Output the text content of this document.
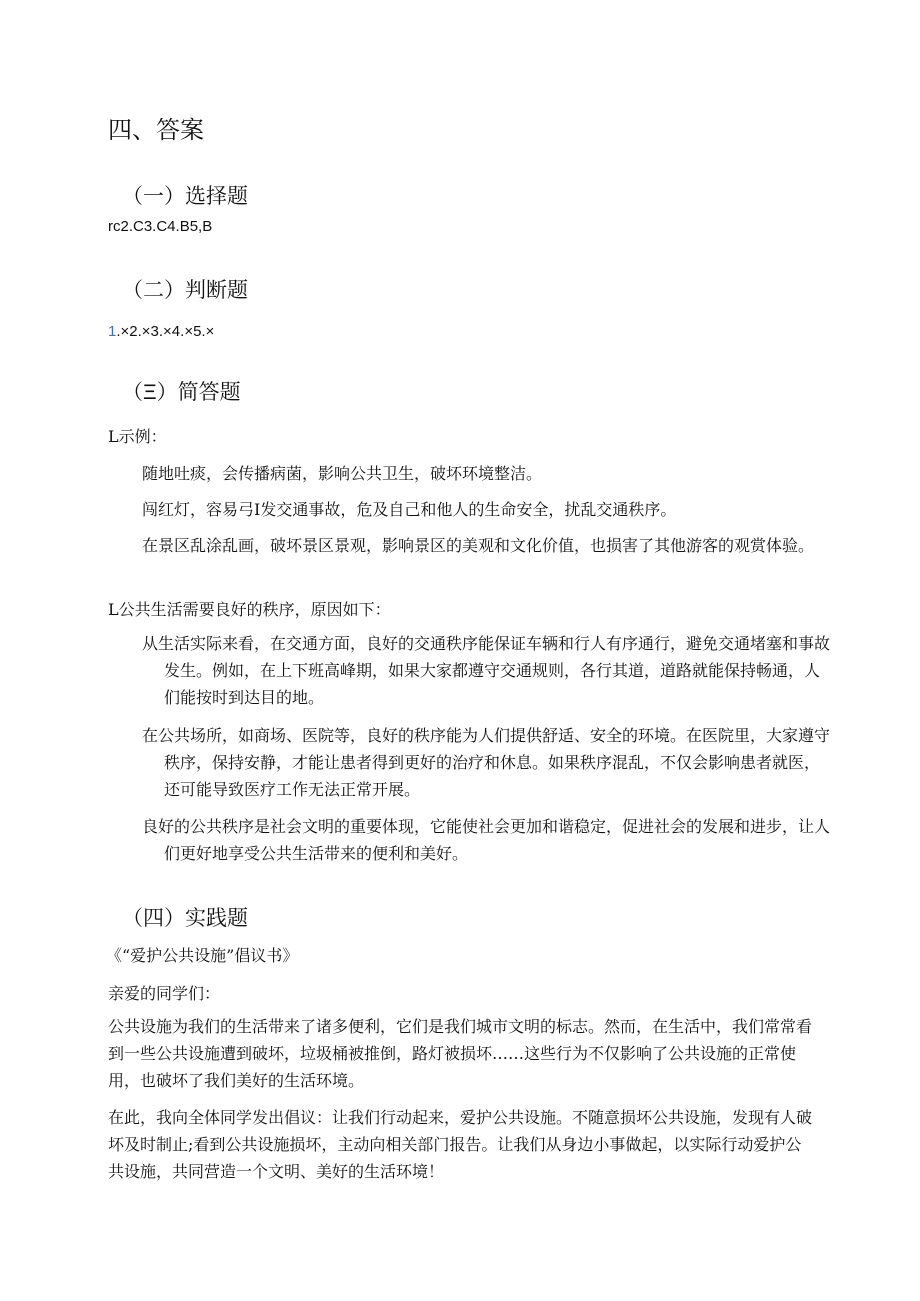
四、答案
（一）选择题
rc2.C3.C4.B5,B
（二）判断题
1.×2.×3.×4.×5.×
（Ξ）简答题
L示例：
随地吐痰，会传播病菌，影响公共卫生，破坏环境整洁。
闯红灯，容易弓I发交通事故，危及自己和他人的生命安全，扰乱交通秩序。
在景区乱涂乱画，破坏景区景观，影响景区的美观和文化价值，也损害了其他游客的观赏体验。
L公共生活需要良好的秩序，原因如下：
从生活实际来看，在交通方面，良好的交通秩序能保证车辆和行人有序通行，避免交通堵塞和事故发生。例如，在上下班高峰期，如果大家都遵守交通规则，各行其道，道路就能保持畅通，人们能按时到达目的地。
在公共场所，如商场、医院等，良好的秩序能为人们提供舒适、安全的环境。在医院里，大家遵守秩序，保持安静，才能让患者得到更好的治疗和休息。如果秩序混乱，不仅会影响患者就医，还可能导致医疗工作无法正常开展。
良好的公共秩序是社会文明的重要体现，它能使社会更加和谐稳定，促进社会的发展和进步，让人们更好地享受公共生活带来的便利和美好。
（四）实践题
《“爱护公共设施”倡议书》
亲爱的同学们：
公共设施为我们的生活带来了诸多便利，它们是我们城市文明的标志。然而，在生活中，我们常常看到一些公共设施遭到破坏，垃圾桶被推倒，路灯被损坏……这些行为不仅影响了公共设施的正常使用，也破坏了我们美好的生活环境。
在此，我向全体同学发出倡议：让我们行动起来，爱护公共设施。不随意损坏公共设施，发现有人破坏及时制止;看到公共设施损坏，主动向相关部门报告。让我们从身边小事做起，以实际行动爱护公共设施，共同营造一个文明、美好的生活环境！
